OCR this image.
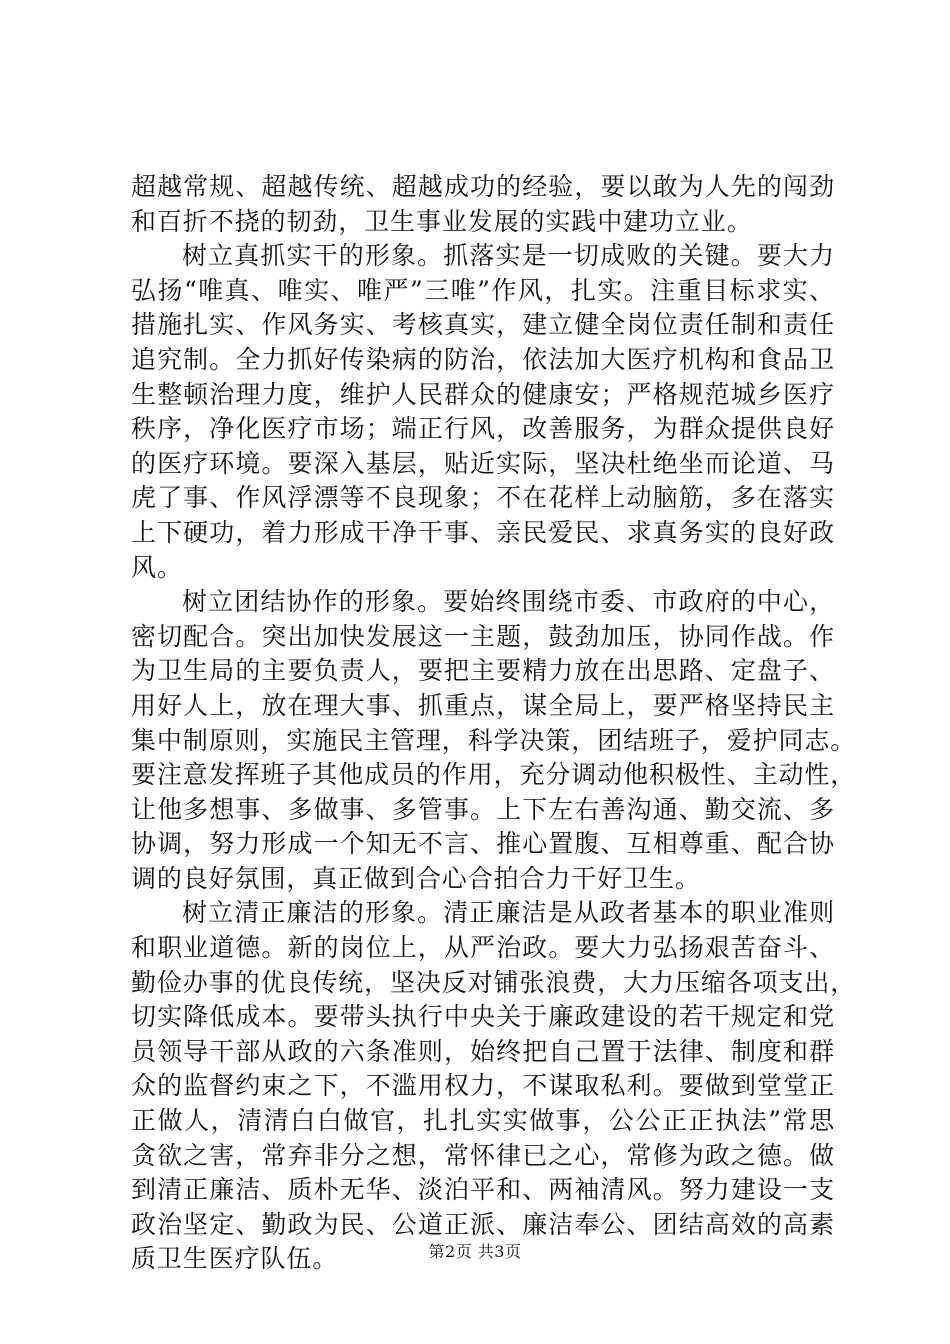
超越常规、超越传统、超越成功的经验，要以敢为人先的闯劲
和百折不挠的韧劲，卫生事业发展的实践中建功立业。
树立真抓实干的形象。抓落实是一切成败的关键。要大力
弘扬“唯真、唯实、唯严”三唯”作风，扎实。注重目标求实、
措施扎实、作风务实、考核真实，建立健全岗位责任制和责任
追究制。全力抓好传染病的防治，依法加大医疗机构和食品卫
生整顿治理力度，维护人民群众的健康安；严格规范城乡医疗
秩序，净化医疗市场；端正行风，改善服务，为群众提供良好
的医疗环境。要深入基层，贴近实际，坚决杜绝坐而论道、马
虎了事、作风浮漂等不良现象；不在花样上动脑筋，多在落实
上下硬功，着力形成干净干事、亲民爱民、求真务实的良好政
风。
树立团结协作的形象。要始终围绕市委、市政府的中心，
密切配合。突出加快发展这一主题，鼓劲加压，协同作战。作
为卫生局的主要负责人，要把主要精力放在出思路、定盘子、
用好人上，放在理大事、抓重点，谋全局上，要严格坚持民主
集中制原则，实施民主管理，科学决策，团结班子，爱护同志。
要注意发挥班子其他成员的作用，充分调动他积极性、主动性，
让他多想事、多做事、多管事。上下左右善沟通、勤交流、多
协调，努力形成一个知无不言、推心置腹、互相尊重、配合协
调的良好氛围，真正做到合心合拍合力干好卫生。
树立清正廉洁的形象。清正廉洁是从政者基本的职业准则
和职业道德。新的岗位上，从严治政。要大力弘扬艰苦奋斗、
勤俭办事的优良传统，坚决反对铺张浪费，大力压缩各项支出，
切实降低成本。要带头执行中央关于廉政建设的若干规定和党
员领导干部从政的六条准则，始终把自己置于法律、制度和群
众的监督约束之下，不滥用权力，不谋取私利。要做到堂堂正
正做人，清清白白做官，扎扎实实做事，公公正正执法”常思
贪欲之害，常弃非分之想，常怀律已之心，常修为政之德。做
到清正廉洁、质朴无华、淡泊平和、两袖清风。努力建设一支
政治坚定、勤政为民、公道正派、廉洁奉公、团结高效的高素
质卫生医疗队伍。	第2页 共3页
